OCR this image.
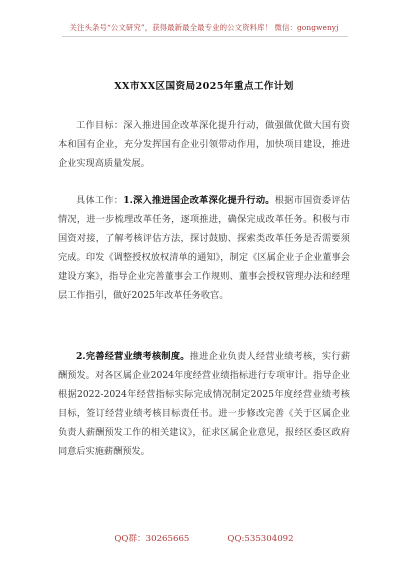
关注头条号“公文研究”，获得最新最全最专业的公文资料库！ 微信：gongwenyj
XX市XX区国资局2025年重点工作计划

工作目标：深入推进国企改革深化提升行动，做强做优做大国有资本和国有企业，充分发挥国有企业引领带动作用，加快项目建设，推进企业实现高质量发展。

具体工作：1.深入推进国企改革深化提升行动。根据市国资委评估情况，进一步梳理改革任务，逐项推进，确保完成改革任务。积极与市国资对接，了解考核评估方法，探讨鼓励、探索类改革任务是否需要须完成。印发《调整授权放权清单的通知》，制定《区属企业子企业董事会建设方案》，指导企业完善董事会工作规则、董事会授权管理办法和经理层工作指引，做好2025年改革任务收官。

2.完善经营业绩考核制度。推进企业负责人经营业绩考核，实行薪酬预发。对各区属企业2024年度经营业绩指标进行专项审计。指导企业根据2022-2024年经营指标实际完成情况制定2025年度经营业绩考核目标，签订经营业绩考核目标责任书。进一步修改完善《关于区属企业负责人薪酬预发工作的相关建议》，征求区属企业意见，报经区委区政府同意后实施薪酬预发。

QQ群：30265665	QQ:535304092
